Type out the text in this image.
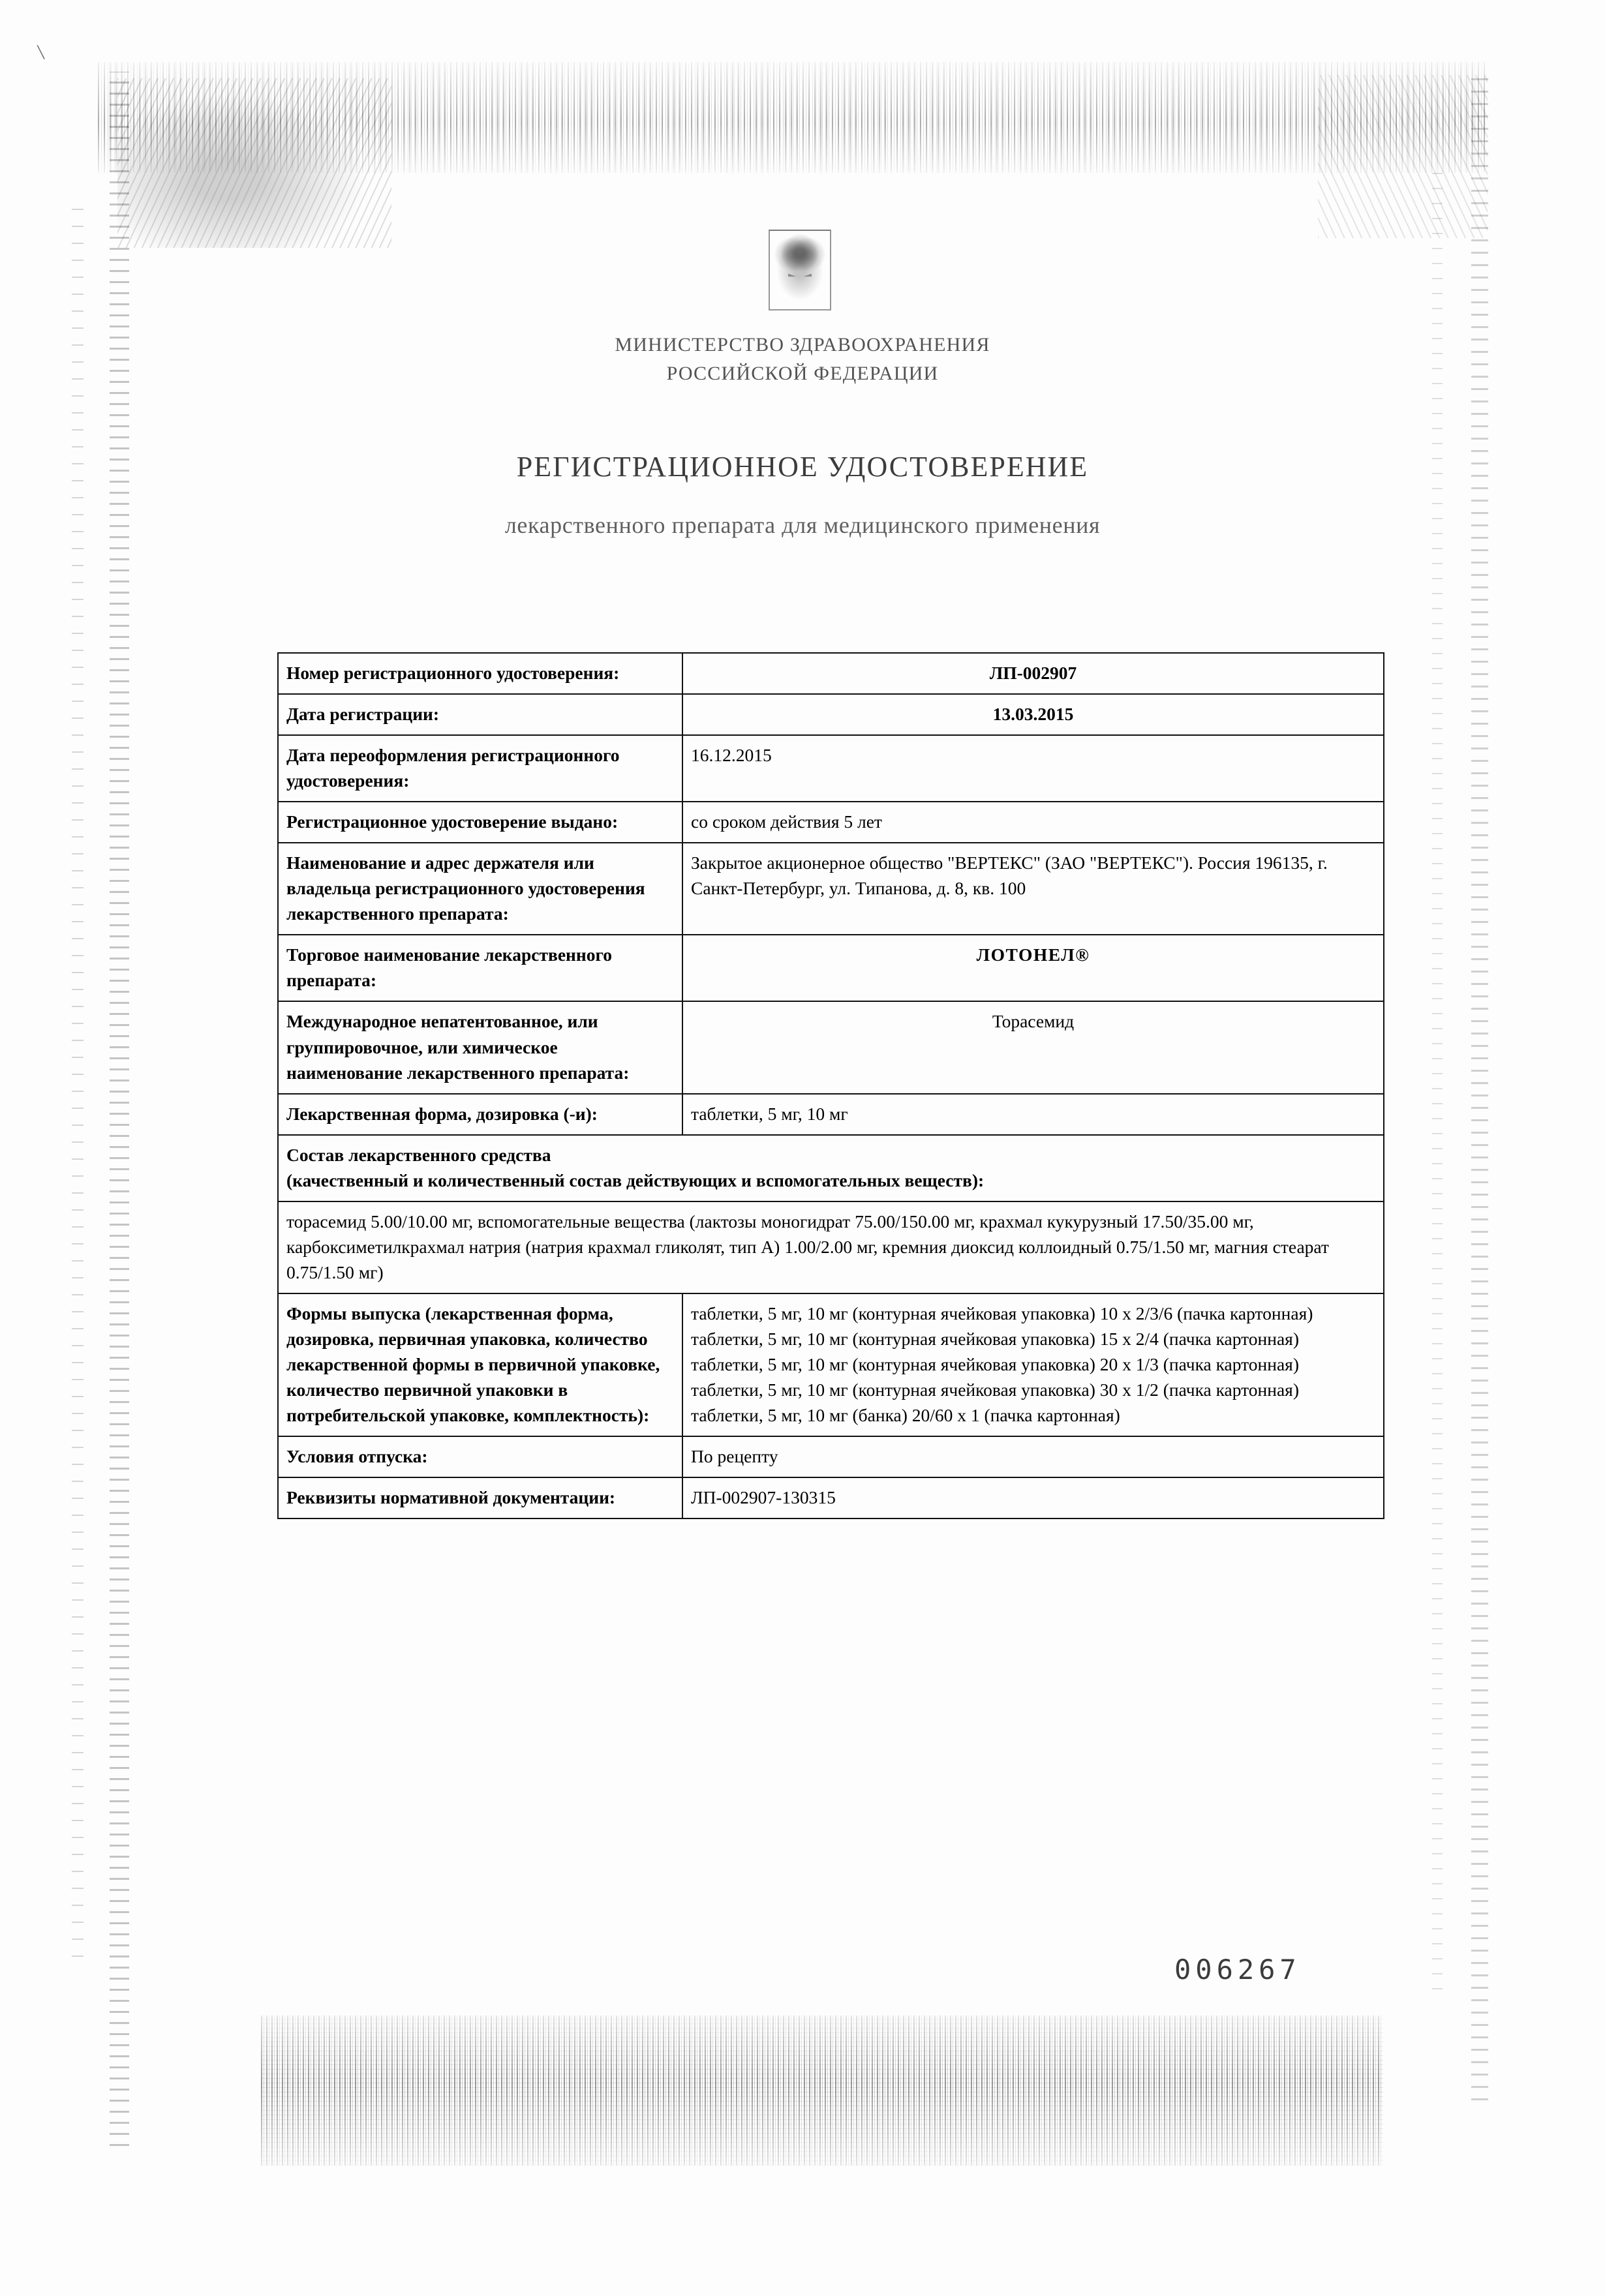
\
МИНИСТЕРСТВО ЗДРАВООХРАНЕНИЯ
РОССИЙСКОЙ ФЕДЕРАЦИИ
РЕГИСТРАЦИОННОЕ УДОСТОВЕРЕНИЕ
лекарственного препарата для медицинского применения
Номер регистрационного удостоверения:	ЛП-002907
Дата регистрации:	13.03.2015
Дата переоформления регистрационного удостоверения:	16.12.2015
Регистрационное удостоверение выдано:	со сроком действия 5 лет
Наименование и адрес держателя или владельца регистрационного удостоверения лекарственного препарата:	Закрытое акционерное общество "ВЕРТЕКС" (ЗАО "ВЕРТЕКС"). Россия 196135, г. Санкт-Петербург, ул. Типанова, д. 8, кв. 100
Торговое наименование лекарственного препарата:	ЛОТОНЕЛ®
Международное непатентованное, или группировочное, или химическое наименование лекарственного препарата:	Торасемид
Лекарственная форма, дозировка (-и):	таблетки, 5 мг, 10 мг

Состав лекарственного средства
(качественный и количественный состав действующих и вспомогательных веществ):	

торасемид 5.00/10.00 мг, вспомогательные вещества (лактозы моногидрат 75.00/150.00 мг, крахмал кукурузный 17.50/35.00 мг, карбоксиметилкрахмал натрия (натрия крахмал гликолят, тип А) 1.00/2.00 мг, кремния диоксид коллоидный 0.75/1.50 мг, магния стеарат 0.75/1.50 мг)	
Формы выпуска (лекарственная форма, дозировка, первичная упаковка, количество лекарственной формы в первичной упаковке, количество первичной упаковки в потребительской упаковке, комплектность):	таблетки, 5 мг, 10 мг (контурная ячейковая упаковка) 10 х 2/3/6 (пачка картонная)
таблетки, 5 мг, 10 мг (контурная ячейковая упаковка) 15 х 2/4 (пачка картонная)
таблетки, 5 мг, 10 мг (контурная ячейковая упаковка) 20 х 1/3 (пачка картонная)
таблетки, 5 мг, 10 мг (контурная ячейковая упаковка) 30 х 1/2 (пачка картонная)
таблетки, 5 мг, 10 мг (банка) 20/60 х 1 (пачка картонная)

Условия отпуска:	По рецепту
Реквизиты нормативной документации:	ЛП-002907-130315
006267
